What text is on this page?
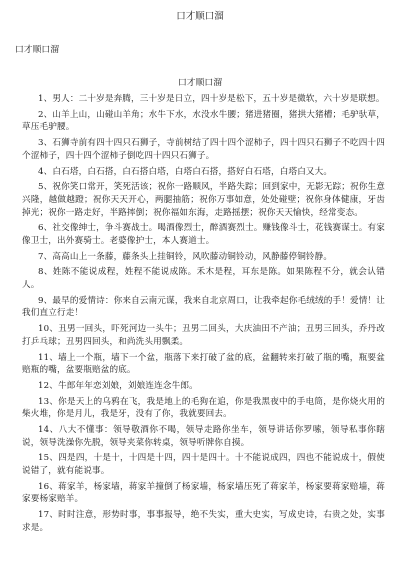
口才顺口溜

口才顺口溜

口才顺口溜

1、男人：二十岁是奔腾，三十岁是日立，四十岁是松下，五十岁是微软，六十岁是联想。

2、山羊上山，山碰山羊角；水牛下水，水没水牛腰；猪进猪圈，猪拱大猪槽；毛驴驮草，草压毛驴腰。

3、石狮寺前有四十四只石狮子，寺前树结了四十四个涩柿子，四十四只石狮子不吃四十四个涩柿子，四十四个涩柿子倒吃四十四只石狮子。

4、白石塔，白石搭，白石搭白塔，白塔白石搭，搭好白石塔，白塔白又大。

5、祝你笑口常开，笑死活该；祝你一路顺风，半路失踪；回到家中，无影无踪；祝你生意兴隆，越做越蹬；祝你天天开心，两腿抽筋；祝你万事如意，处处碰壁；祝你身体健康，牙齿掉光；祝你一路走好，半路摔倒；祝你福如东海，走路摇摆；祝你天天愉快，经常变态。

6、社交像绅士，争斗赛战士。喝酒像烈士，醉酒赛烈士。赚钱像斗士，花钱赛谋士。有家像卫士，出外赛骑士。老婆像护士，本人赛道士。

7、高高山上一条藤，藤条头上挂铜铃，风吹藤动铜铃动，风静藤停铜铃静。

8、姓陈不能说成程，姓程不能说成陈。禾木是程，耳东是陈。如果陈程不分，就会认错人。

9、最早的爱情诗：你来自云南元谋，我来自北京周口，让我牵起你毛绒绒的手！爱情！让我们直立行走！

10、丑男一回头，吓死河边一头牛；丑男二回头，大庆油田不产油；丑男三回头，乔丹改打乒乓球；丑男四回头，和尚洗头用飘柔。

11、墙上一个瓶，墙下一个盆，瓶落下来打破了盆的底，盆翻转来打破了瓶的嘴，瓶要盆赔瓶的嘴，盆要瓶赔盆的底。

12、牛郎年年恋刘娘，刘娘连连念牛郎。

13、你是天上的乌鸦在飞，我是地上的毛狗在追，你是我黑夜中的手电筒，是你烧火用的柴火堆，你是月儿，我是牙，没有了你，我就要回去。

14、八大不懂事：领导敬酒你不喝，领导走路你坐车，领导讲话你罗嗦，领导私事你瞎说，领导洗澡你先脱，领导夹菜你转桌，领导听牌你自摸。

15、四是四，十是十，十四是十四，四十是四十。十不能说成四，四也不能说成十，假使说错了，就有能说事。

16、蒋家羊，杨家墙，蒋家羊撞倒了杨家墙，杨家墙压死了蒋家羊，杨家要蒋家赔墙，蒋家要杨家赔羊。

17、时时注意，形势时事，事事报导，绝不失实，重大史实，写成史诗，右贵之处，实事求是。
